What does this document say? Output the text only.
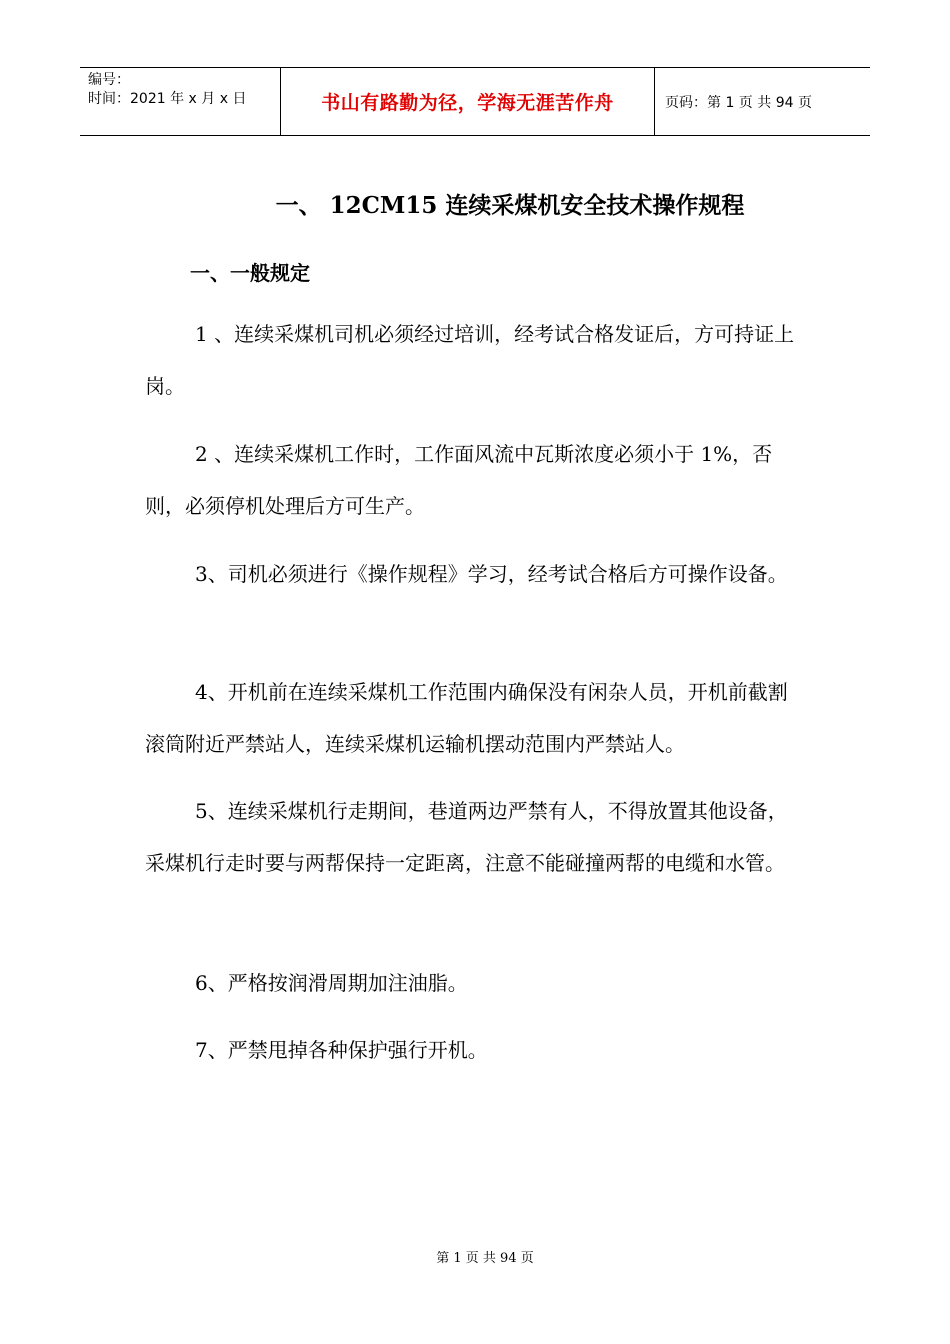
编号：
时间：2021 年 x 月 x 日	书山有路勤为径，学海无涯苦作舟	页码：第 1 页 共 94 页
一、 12CM15 连续采煤机安全技术操作规程
一、一般规定
1 、连续采煤机司机必须经过培训，经考试合格发证后，方可持证上岗。
2 、连续采煤机工作时，工作面风流中瓦斯浓度必须小于 1%，否则，必须停机处理后方可生产。
3、司机必须进行《操作规程》学习，经考试合格后方可操作设备。
4、开机前在连续采煤机工作范围内确保没有闲杂人员，开机前截割滚筒附近严禁站人，连续采煤机运输机摆动范围内严禁站人。
5、连续采煤机行走期间，巷道两边严禁有人，不得放置其他设备，采煤机行走时要与两帮保持一定距离，注意不能碰撞两帮的电缆和水管。
6、严格按润滑周期加注油脂。
7、严禁甩掉各种保护强行开机。
第 1 页 共 94 页
